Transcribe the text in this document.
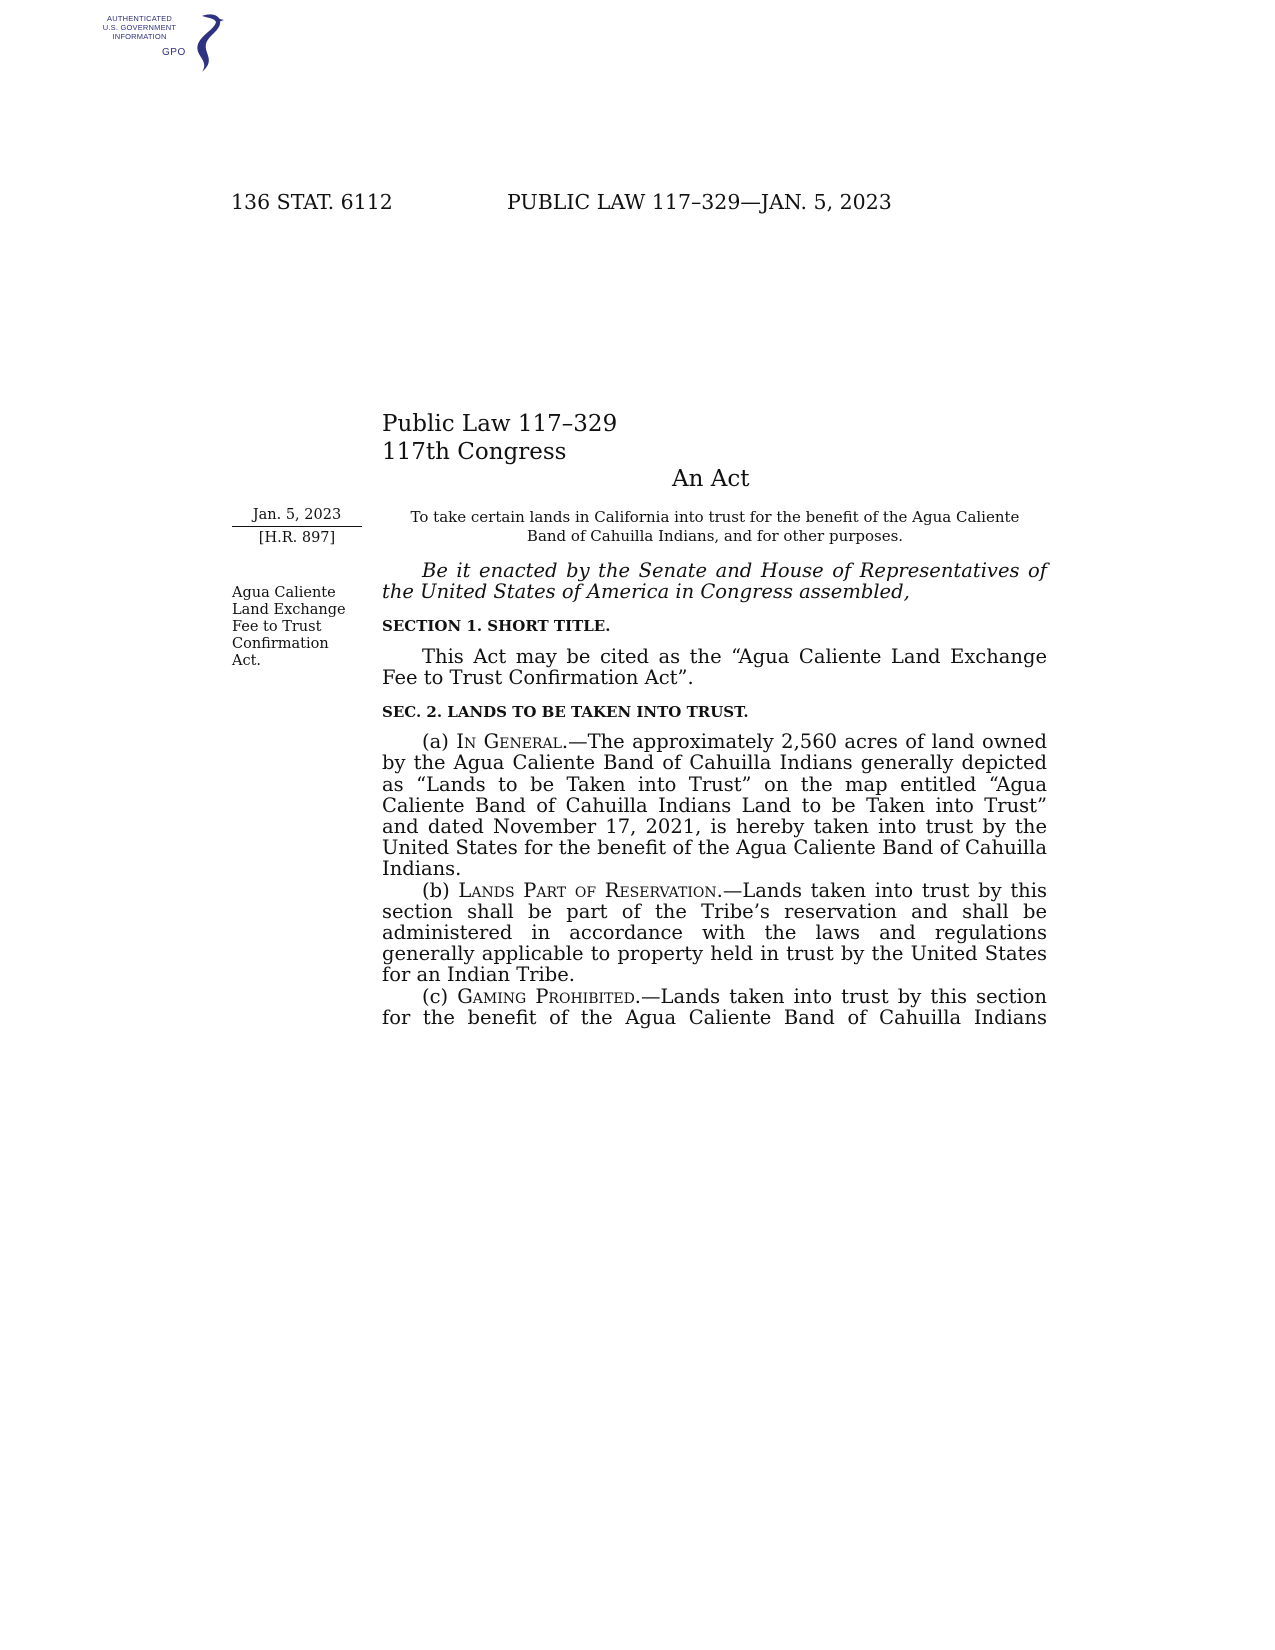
AUTHENTICATED
U.S. GOVERNMENT
INFORMATION
GPO
136 STAT. 6112	PUBLIC LAW 117–329—JAN. 5, 2023
Public Law 117–329
117th Congress
An Act
Jan. 5, 2023
[H.R. 897]
To take certain lands in California into trust for the benefit of the Agua Caliente Band of Cahuilla Indians, and for other purposes.
Agua Caliente Land Exchange Fee to Trust Confirmation Act.

Be it enacted by the Senate and House of Representatives of the United States of America in Congress assembled,

SECTION 1. SHORT TITLE.

This Act may be cited as the “Agua Caliente Land Exchange Fee to Trust Confirmation Act”.

SEC. 2. LANDS TO BE TAKEN INTO TRUST.

(a) In General.—The approximately 2,560 acres of land owned by the Agua Caliente Band of Cahuilla Indians generally depicted as “Lands to be Taken into Trust” on the map entitled “Agua Caliente Band of Cahuilla Indians Land to be Taken into Trust” and dated November 17, 2021, is hereby taken into trust by the United States for the benefit of the Agua Caliente Band of Cahuilla Indians.

(b) Lands Part of Reservation.—Lands taken into trust by this section shall be part of the Tribe’s reservation and shall be administered in accordance with the laws and regulations generally applicable to property held in trust by the United States for an Indian Tribe.

(c) Gaming Prohibited.—Lands taken into trust by this section for the benefit of the Agua Caliente Band of Cahuilla Indians
